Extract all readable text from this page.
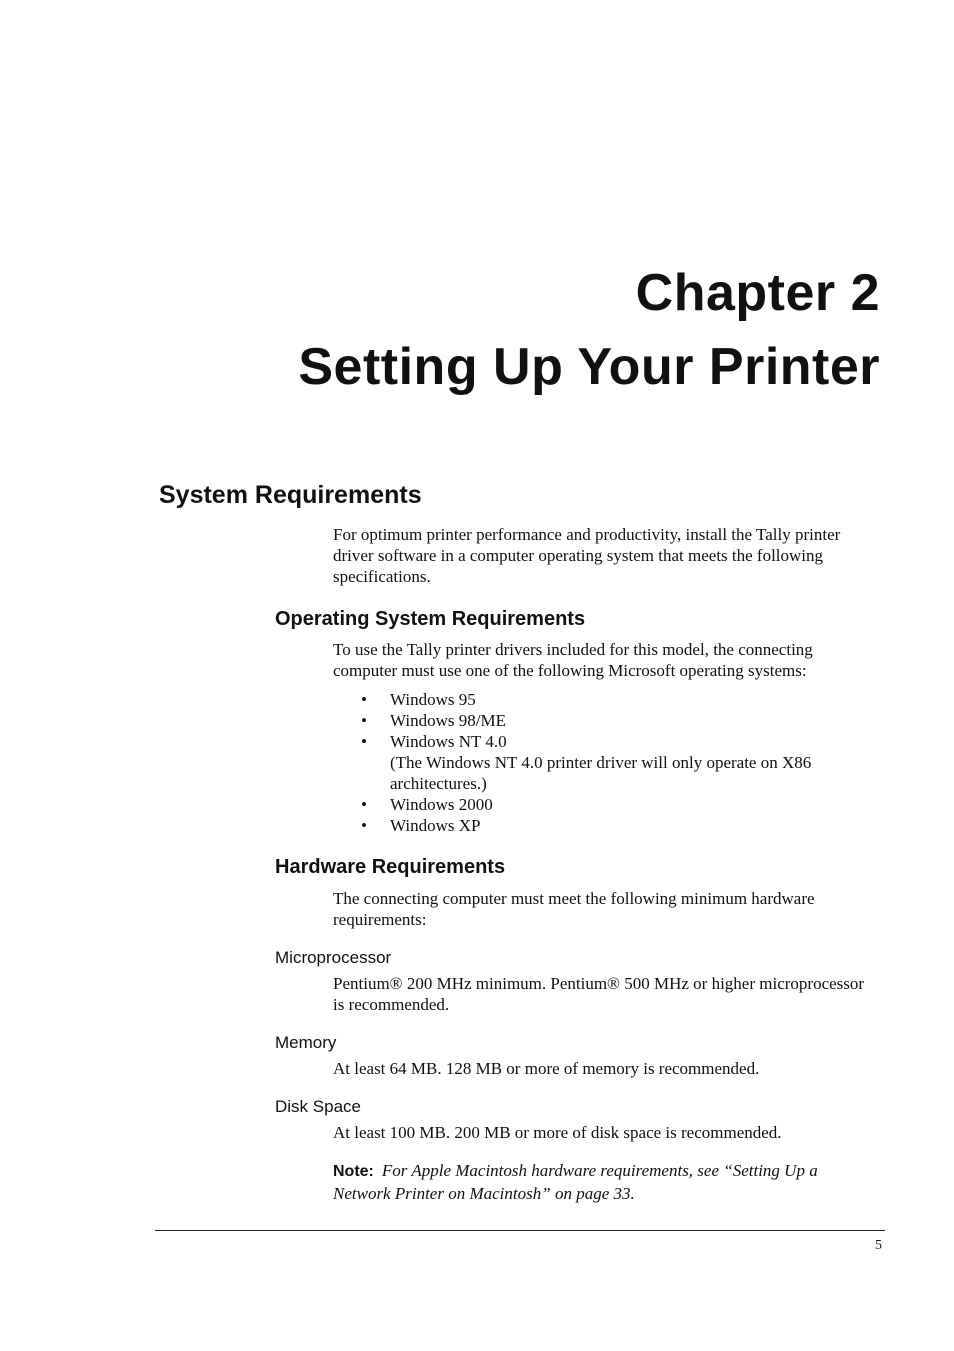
Chapter 2
Setting Up Your Printer
System Requirements
For optimum printer performance and productivity, install the Tally printer driver software in a computer operating system that meets the following specifications.
Operating System Requirements
To use the Tally printer drivers included for this model, the connecting computer must use one of the following Microsoft operating systems:
• Windows 95
• Windows 98/ME
• Windows NT 4.0
(The Windows NT 4.0 printer driver will only operate on X86 architectures.)
• Windows 2000
• Windows XP
Hardware Requirements
The connecting computer must meet the following minimum hardware requirements:
Microprocessor
Pentium® 200 MHz minimum. Pentium® 500 MHz or higher microprocessor is recommended.
Memory
At least 64 MB. 128 MB or more of memory is recommended.
Disk Space
At least 100 MB. 200 MB or more of disk space is recommended.
Note: For Apple Macintosh hardware requirements, see “Setting Up a Network Printer on Macintosh” on page 33.
5
